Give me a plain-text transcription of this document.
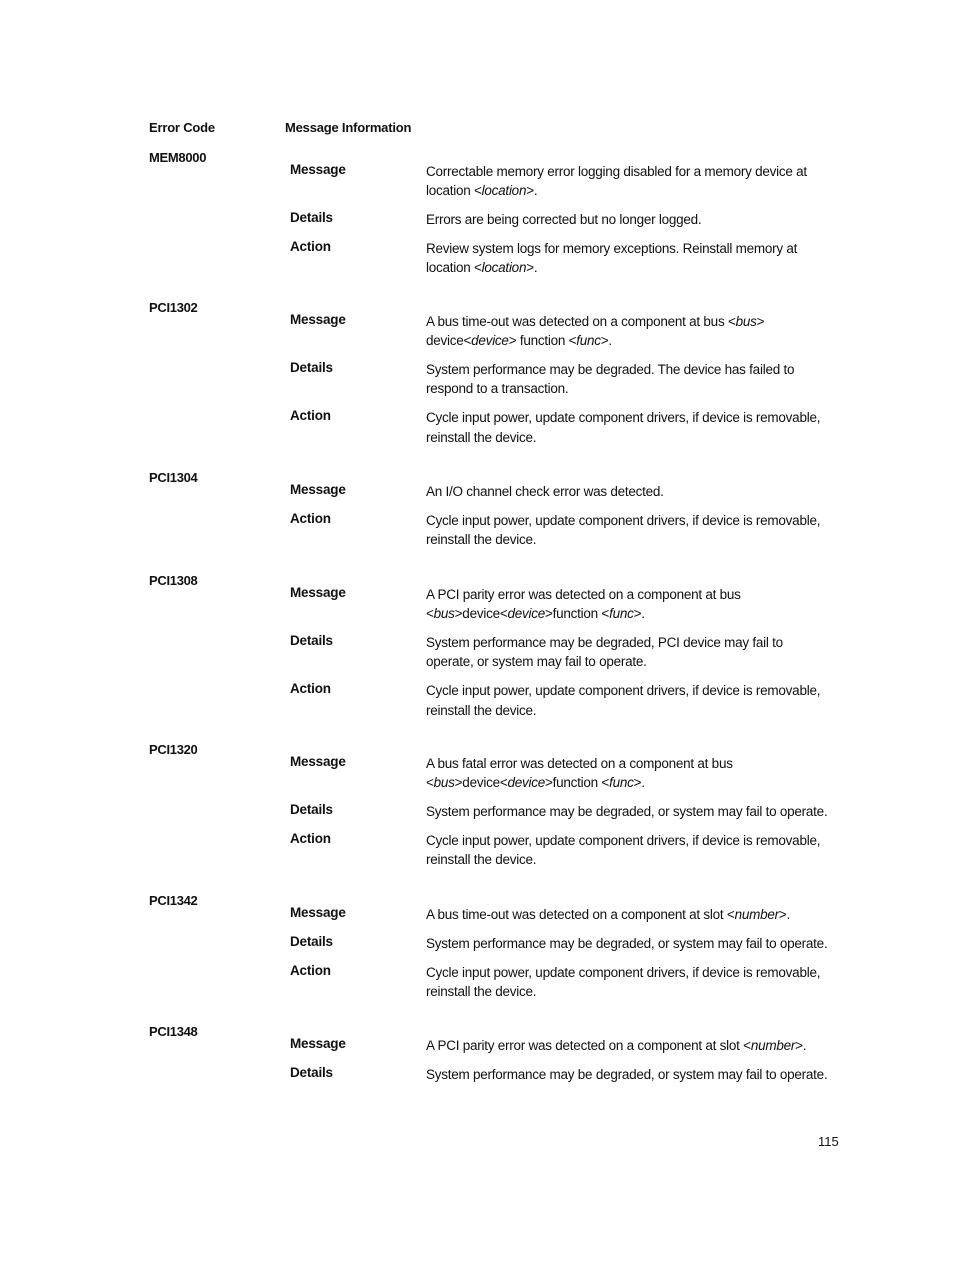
Error Code	Message Information
MEM8000
Message	Correctable memory error logging disabled for a memory device at
location <location>.
Details	Errors are being corrected but no longer logged.
Action	Review system logs for memory exceptions. Reinstall memory at
location <location>.
PCI1302
Message	A bus time-out was detected on a component at bus <bus>
device<device> function <func>.
Details	System performance may be degraded. The device has failed to
respond to a transaction.
Action	Cycle input power, update component drivers, if device is removable,
reinstall the device.
PCI1304
Message	An I/O channel check error was detected.
Action	Cycle input power, update component drivers, if device is removable,
reinstall the device.
PCI1308
Message	A PCI parity error was detected on a component at bus
<bus>device<device>function <func>.
Details	System performance may be degraded, PCI device may fail to
operate, or system may fail to operate.
Action	Cycle input power, update component drivers, if device is removable,
reinstall the device.
PCI1320
Message	A bus fatal error was detected on a component at bus
<bus>device<device>function <func>.
Details	System performance may be degraded, or system may fail to operate.
Action	Cycle input power, update component drivers, if device is removable,
reinstall the device.
PCI1342
Message	A bus time-out was detected on a component at slot <number>.
Details	System performance may be degraded, or system may fail to operate.
Action	Cycle input power, update component drivers, if device is removable,
reinstall the device.
PCI1348
Message	A PCI parity error was detected on a component at slot <number>.
Details	System performance may be degraded, or system may fail to operate.
115
